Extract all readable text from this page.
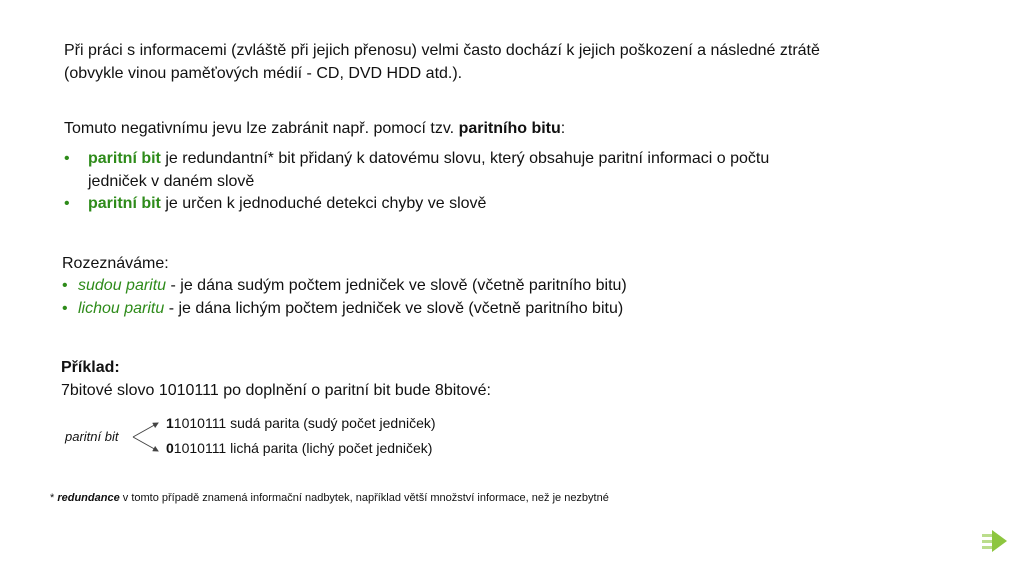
Při práci s informacemi (zvláště při jejich přenosu) velmi často dochází k jejich poškození a následné ztrátě
(obvykle vinou paměťových médií - CD, DVD HDD atd.).
Tomuto negativnímu jevu lze zabránit např. pomocí tzv. paritního bitu:
• paritní bit je redundantní* bit přidaný k datovému slovu, který obsahuje paritní informaci o počtu
jedniček v daném slově
•	paritní bit je určen k jednoduché detekci chyby ve slově
Rozeznáváme:
• sudou paritu - je dána sudým počtem jedniček ve slově (včetně paritního bitu)
• lichou paritu - je dána lichým počtem jedniček ve slově (včetně paritního bitu)
Příklad:
7bitové slovo 1010111 po doplnění o paritní bit bude 8bitové:
paritní bit
11010111 sudá parita (sudý počet jedniček)
01010111 lichá parita (lichý počet jedniček)
* redundance v tomto případě znamená informační nadbytek, například větší množství informace, než je nezbytné
